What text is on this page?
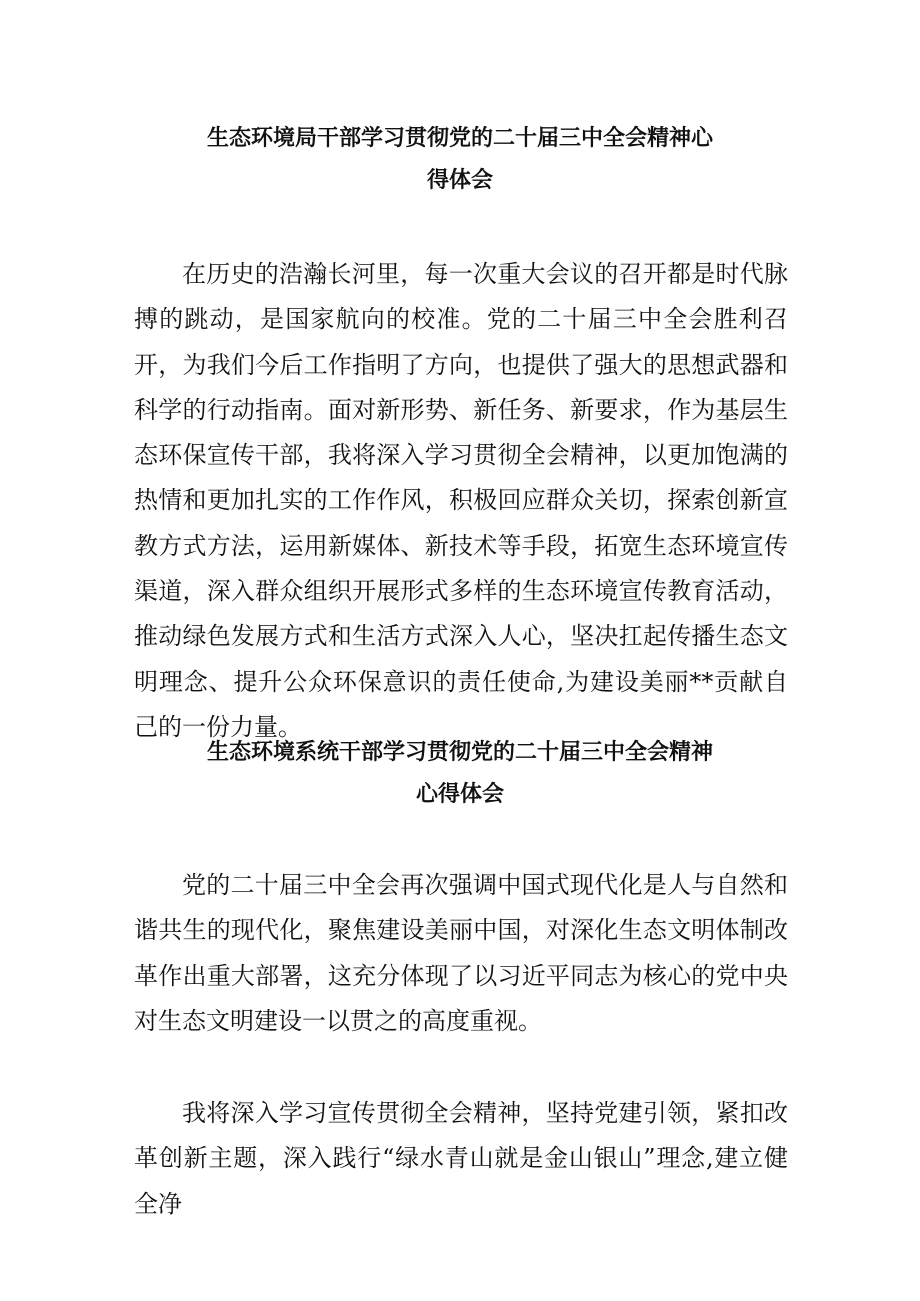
生态环境局干部学习贯彻党的二十届三中全会精神心
得体会

在历史的浩瀚长河里，每一次重大会议的召开都是时代脉搏的跳动，是国家航向的校准。党的二十届三中全会胜利召开，为我们今后工作指明了方向，也提供了强大的思想武器和科学的行动指南。面对新形势、新任务、新要求，作为基层生态环保宣传干部，我将深入学习贯彻全会精神，以更加饱满的热情和更加扎实的工作作风，积极回应群众关切，探索创新宣教方式方法，运用新媒体、新技术等手段，拓宽生态环境宣传渠道，深入群众组织开展形式多样的生态环境宣传教育活动，推动绿色发展方式和生活方式深入人心，坚决扛起传播生态文明理念、提升公众环保意识的责任使命,为建设美丽**贡献自己的一份力量。

生态环境系统干部学习贯彻党的二十届三中全会精神
心得体会

党的二十届三中全会再次强调中国式现代化是人与自然和谐共生的现代化，聚焦建设美丽中国，对深化生态文明体制改革作出重大部署，这充分体现了以习近平同志为核心的党中央对生态文明建设一以贯之的高度重视。

我将深入学习宣传贯彻全会精神，坚持党建引领，紧扣改革创新主题，深入践行“绿水青山就是金山银山”理念,建立健全净
